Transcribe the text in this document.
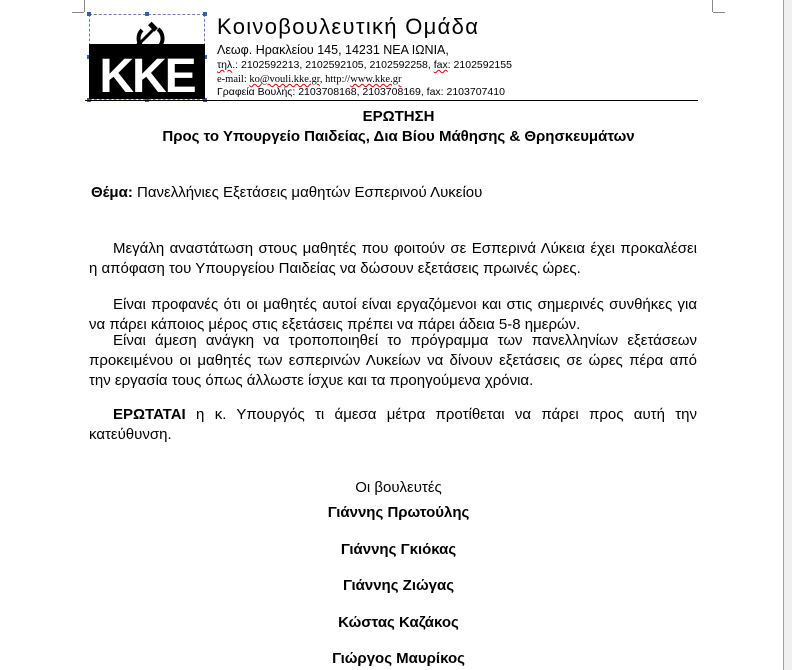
KKE
Κοινοβουλευτική Ομάδα
Λεωφ. Ηρακλείου 145, 14231 ΝΕΑ ΙΩΝΙΑ,
τηλ.: 2102592213, 2102592105, 2102592258, fax: 2102592155
e-mail: ko@vouli.kke.gr, http://www.kke.gr
Γραφεία Βουλής: 2103708168, 2103708169, fax: 2103707410
ΕΡΩΤΗΣΗ
Προς το Υπουργείο Παιδείας, Δια Βίου Μάθησης & Θρησκευμάτων
Θέμα: Πανελλήνιες Εξετάσεις μαθητών Εσπερινού Λυκείου
Μεγάλη αναστάτωση στους μαθητές που φοιτούν σε Εσπερινά Λύκεια έχει προκαλέσει η απόφαση του Υπουργείου Παιδείας να δώσουν εξετάσεις πρωινές ώρες.
Είναι προφανές ότι οι μαθητές αυτοί είναι εργαζόμενοι και στις σημερινές συνθήκες για να πάρει κάποιος μέρος στις εξετάσεις πρέπει να πάρει άδεια 5-8 ημερών.
Είναι άμεση ανάγκη να τροποποιηθεί το πρόγραμμα των πανελληνίων εξετάσεων προκειμένου οι μαθητές των εσπερινών Λυκείων να δίνουν εξετάσεις σε ώρες πέρα από την εργασία τους όπως άλλωστε ίσχυε και τα προηγούμενα χρόνια.
ΕΡΩΤΑΤΑΙ η κ. Υπουργός τι άμεσα μέτρα προτίθεται να πάρει προς αυτή την κατεύθυνση.
Οι βουλευτές
Γιάννης Πρωτούλης
Γιάννης Γκιόκας
Γιάννης Ζιώγας
Κώστας Καζάκος
Γιώργος Μαυρίκος
